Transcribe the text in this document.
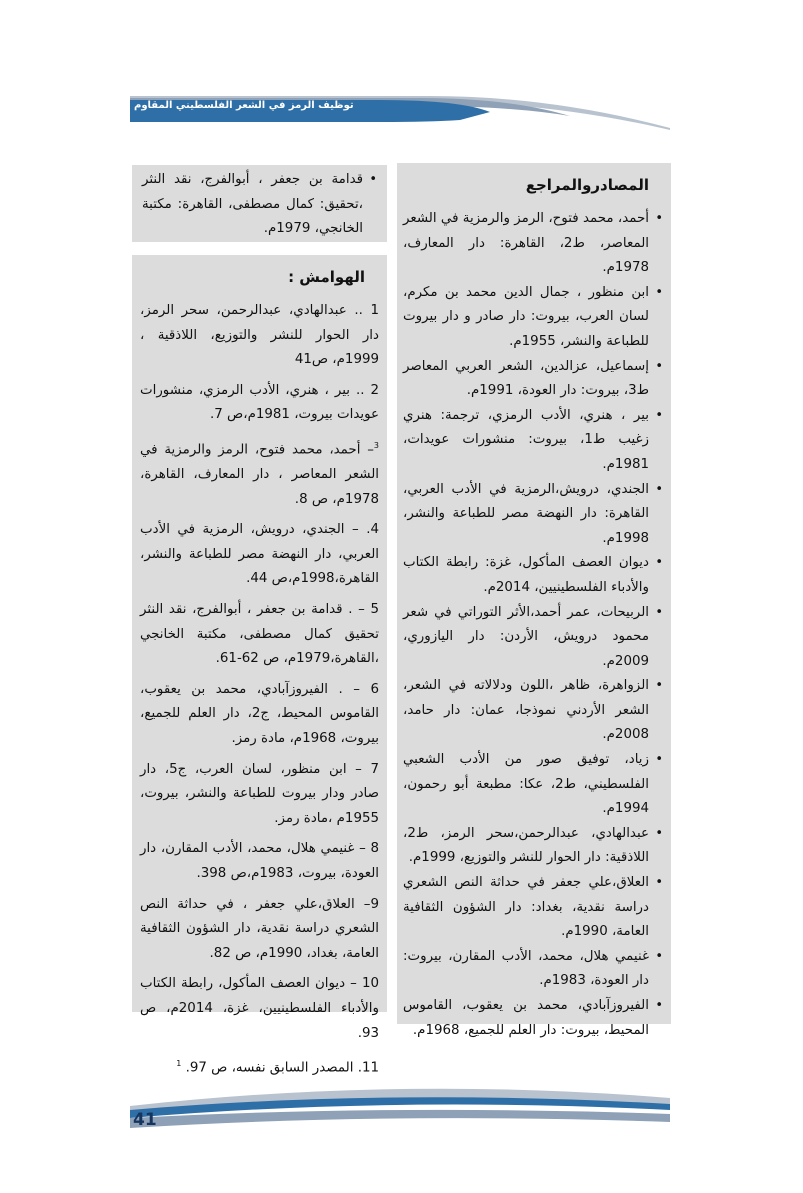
توظيف الرمز في الشعر الفلسطيني المقاوم
• قدامة بن جعفر ، أبوالفرج، نقد النثر ،تحقيق: كمال مصطفى، القاهرة: مكتبة الخانجي، 1979م.
المصادروالمراجع
• أحمد، محمد فتوح، الرمز والرمزية في الشعر المعاصر، ط2، القاهرة: دار المعارف، 1978م.
• ابن منظور ، جمال الدين محمد بن مكرم، لسان العرب، بيروت: دار صادر و دار بيروت للطباعة والنشر، 1955م.
• إسماعيل، عزالدين، الشعر العربي المعاصر ط3، بيروت: دار العودة، 1991م.
• بير ، هنري، الأدب الرمزي، ترجمة: هنري زغيب ط1، بيروت: منشورات عويدات، 1981م.
• الجندي، درويش،الرمزية في الأدب العربي، القاهرة: دار النهضة مصر للطباعة والنشر، 1998م.
• ديوان العصف المأكول، غزة: رابطة الكتاب والأدباء الفلسطينيين، 2014م.
• الربيحات، عمر أحمد،الأثر التوراتي في شعر محمود درويش، الأردن: دار اليازوري، 2009م.
• الزواهرة، ظاهر ،اللون ودلالاته في الشعر، الشعر الأردني نموذجا، عمان: دار حامد، 2008م.
• زياد، توفيق صور من الأدب الشعبي الفلسطيني، ط2، عكا: مطبعة أبو رحمون، 1994م.
• عبدالهادي، عبدالرحمن،سحر الرمز، ط2، اللاذقية: دار الحوار للنشر والتوزيع، 1999م.
• العلاق،علي جعفر في حداثة النص الشعري دراسة نقدية، بغداد: دار الشؤون الثقافية العامة، 1990م.
• غنيمي هلال، محمد، الأدب المقارن، بيروت: دار العودة، 1983م.
• الفيروزآبادي، محمد بن يعقوب، القاموس المحيط، بيروت: دار العلم للجميع، 1968م.
الهوامش :

1 .. عبدالهادي، عبدالرحمن، سحر الرمز، دار الحوار للنشر والتوزيع، اللاذقية ، 1999م، ص41

2 .. بير ، هنري، الأدب الرمزي، منشورات عويدات بيروت، 1981م،ص 7.

$^3$– أحمد، محمد فتوح، الرمز والرمزية في الشعر المعاصر ، دار المعارف، القاهرة، 1978م، ص 8.

4. – الجندي، درويش، الرمزية في الأدب العربي، دار النهضة مصر للطباعة والنشر، القاهرة،1998م،ص 44.

5 – . قدامة بن جعفر ، أبوالفرج، نقد النثر تحقيق كمال مصطفى، مكتبة الخانجي ،القاهرة،1979م، ص 62-61.

6 – . الفيروزآبادي، محمد بن يعقوب، القاموس المحيط، ج2، دار العلم للجميع، بيروت، 1968م، مادة رمز.

7 – ابن منظور، لسان العرب، ج5، دار صادر ودار بيروت للطباعة والنشر، بيروت، 1955م ،مادة رمز.

8 – غنيمي هلال، محمد، الأدب المقارن، دار العودة، بيروت، 1983م،ص 398.

9– العلاق،علي جعفر ، في حداثة النص الشعري دراسة نقدية، دار الشؤون الثقافية العامة، بغداد، 1990م، ص 82.

10 – ديوان العصف المأكول، رابطة الكتاب والأدباء الفلسطينيين، غزة، 2014م، ص 93.

11. المصدر السابق نفسه، ص 97. $^1$

41
